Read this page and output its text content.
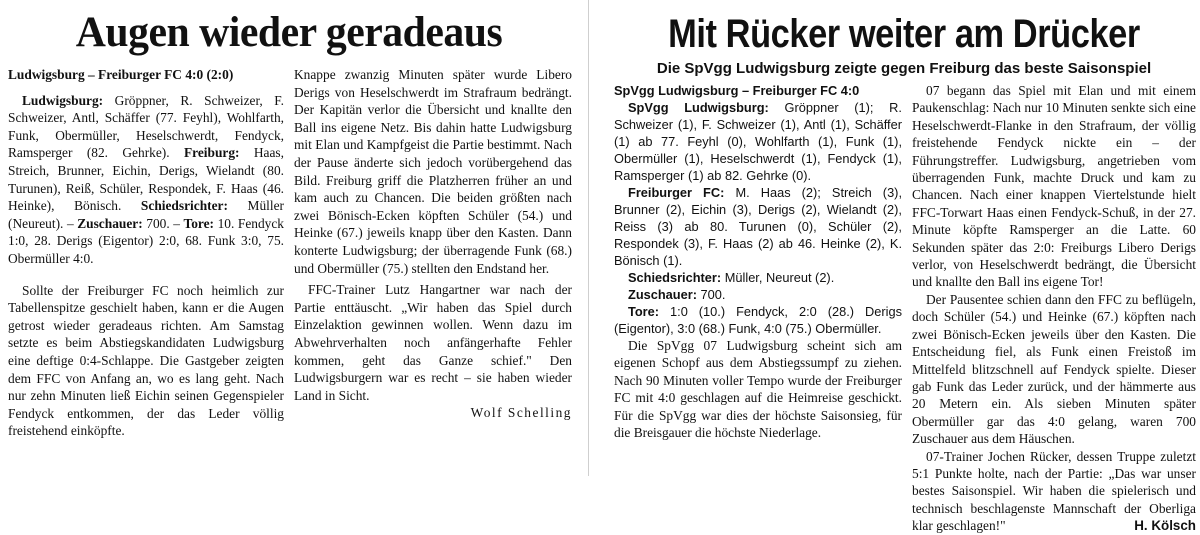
Augen wieder geradeaus

Ludwigsburg – Freiburger FC 4:0 (2:0)

Ludwigsburg: Gröppner, R. Schweizer, F. Schweizer, Antl, Schäffer (77. Feyhl), Wohlfarth, Funk, Obermüller, Heselschwerdt, Fendyck, Ramsperger (82. Gehrke). Freiburg: Haas, Streich, Brunner, Eichin, Derigs, Wielandt (80. Turunen), Reiß, Schüler, Respondek, F. Haas (46. Heinke), Bönisch. Schiedsrichter: Müller (Neureut). – Zuschauer: 700. – Tore: 10. Fendyck 1:0, 28. Derigs (Eigentor) 2:0, 68. Funk 3:0, 75. Obermüller 4:0.

Sollte der Freiburger FC noch heimlich zur Tabellenspitze geschielt haben, kann er die Augen getrost wieder geradeaus richten. Am Samstag setzte es beim Abstiegskandidaten Ludwigsburg eine deftige 0:4-Schlappe. Die Gastgeber zeigten dem FFC von Anfang an, wo es lang geht. Nach nur zehn Minuten ließ Eichin seinen Gegenspieler Fendyck entkommen, der das Leder völlig freistehend einköpfte.

Knappe zwanzig Minuten später wurde Libero Derigs von Heselschwerdt im Strafraum bedrängt. Der Kapitän verlor die Übersicht und knallte den Ball ins eigene Netz. Bis dahin hatte Ludwigsburg mit Elan und Kampfgeist die Partie bestimmt. Nach der Pause änderte sich jedoch vorübergehend das Bild. Freiburg griff die Platzherren früher an und kam auch zu Chancen. Die beiden größten nach zwei Bönisch-Ecken köpften Schüler (54.) und Heinke (67.) jeweils knapp über den Kasten. Dann konterte Ludwigsburg; der überragende Funk (68.) und Obermüller (75.) stellten den Endstand her.

FFC-Trainer Lutz Hangartner war nach der Partie enttäuscht. „Wir haben das Spiel durch Einzelaktion gewinnen wollen. Wenn dazu im Abwehrverhalten noch anfängerhafte Fehler kommen, geht das Ganze schief." Den Ludwigsburgern war es recht – sie haben wieder Land in Sicht.

Wolf Schelling

Mit Rücker weiter am Drücker

Die SpVgg Ludwigsburg zeigte gegen Freiburg das beste Saisonspiel

SpVgg Ludwigsburg – Freiburger FC 4:0

SpVgg Ludwigsburg: Gröppner (1); R. Schweizer (1), F. Schweizer (1), Antl (1), Schäffer (1) ab 77. Feyhl (0), Wohlfarth (1), Funk (1), Obermüller (1), Heselschwerdt (1), Fendyck (1), Ramsperger (1) ab 82. Gehrke (0).

Freiburger FC: M. Haas (2); Streich (3), Brunner (2), Eichin (3), Derigs (2), Wielandt (2), Reiss (3) ab 80. Turunen (0), Schüler (2), Respondek (3), F. Haas (2) ab 46. Heinke (2), K. Bönisch (1).

Schiedsrichter: Müller, Neureut (2).

Zuschauer: 700.

Tore: 1:0 (10.) Fendyck, 2:0 (28.) Derigs (Eigentor), 3:0 (68.) Funk, 4:0 (75.) Obermüller.

Die SpVgg 07 Ludwigsburg scheint sich am eigenen Schopf aus dem Abstiegssumpf zu ziehen. Nach 90 Minuten voller Tempo wurde der Freiburger FC mit 4:0 geschlagen auf die Heimreise geschickt. Für die SpVgg war dies der höchste Saisonsieg, für die Breisgauer die höchste Niederlage.

07 begann das Spiel mit Elan und mit einem Paukenschlag: Nach nur 10 Minuten senkte sich eine Heselschwerdt-Flanke in den Strafraum, der völlig freistehende Fendyck nickte ein – der Führungstreffer. Ludwigsburg, angetrieben vom überragenden Funk, machte Druck und kam zu Chancen. Nach einer knappen Viertelstunde hielt FFC-Torwart Haas einen Fendyck-Schuß, in der 27. Minute köpfte Ramsperger an die Latte. 60 Sekunden später das 2:0: Freiburgs Libero Derigs verlor, von Heselschwerdt bedrängt, die Übersicht und knallte den Ball ins eigene Tor!

Der Pausentee schien dann den FFC zu beflügeln, doch Schüler (54.) und Heinke (67.) köpften nach zwei Bönisch-Ecken jeweils über den Kasten. Die Entscheidung fiel, als Funk einen Freistoß im Mittelfeld blitzschnell auf Fendyck spielte. Dieser gab Funk das Leder zurück, und der hämmerte aus 20 Metern ein. Als sieben Minuten später Obermüller gar das 4:0 gelang, waren 700 Zuschauer aus dem Häuschen.

07-Trainer Jochen Rücker, dessen Truppe zuletzt 5:1 Punkte holte, nach der Partie: „Das war unser bestes Saisonspiel. Wir haben die spielerisch und technisch beschlagenste Mannschaft der Oberliga klar geschlagen!"	H. Kölsch
